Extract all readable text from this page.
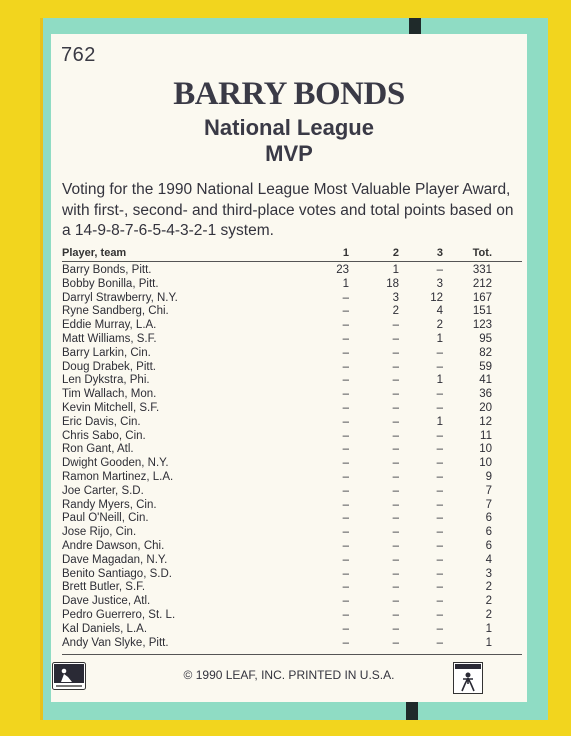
762
BARRY BONDS
National League
MVP
Voting for the 1990 National League Most Valuable Player Award, with first-, second- and third-place votes and total points based on a 14-9-8-7-6-5-4-3-2-1 system.
Player, team	1	2	3	Tot.
Barry Bonds, Pitt.	23	1	–	331
Bobby Bonilla, Pitt.	1	18	3	212
Darryl Strawberry, N.Y.	–	3	12	167
Ryne Sandberg, Chi.	–	2	4	151
Eddie Murray, L.A.	–	–	2	123
Matt Williams, S.F.	–	–	1	95
Barry Larkin, Cin.	–	–	–	82
Doug Drabek, Pitt.	–	–	–	59
Len Dykstra, Phi.	–	–	1	41
Tim Wallach, Mon.	–	–	–	36
Kevin Mitchell, S.F.	–	–	–	20
Eric Davis, Cin.	–	–	1	12
Chris Sabo, Cin.	–	–	–	11
Ron Gant, Atl.	–	–	–	10
Dwight Gooden, N.Y.	–	–	–	10
Ramon Martinez, L.A.	–	–	–	9
Joe Carter, S.D.	–	–	–	7
Randy Myers, Cin.	–	–	–	7
Paul O'Neill, Cin.	–	–	–	6
Jose Rijo, Cin.	–	–	–	6
Andre Dawson, Chi.	–	–	–	6
Dave Magadan, N.Y.	–	–	–	4
Benito Santiago, S.D.	–	–	–	3
Brett Butler, S.F.	–	–	–	2
Dave Justice, Atl.	–	–	–	2
Pedro Guerrero, St. L.	–	–	–	2
Kal Daniels, L.A.	–	–	–	1
Andy Van Slyke, Pitt.	–	–	–	1
© 1990 LEAF, INC. PRINTED IN U.S.A.
